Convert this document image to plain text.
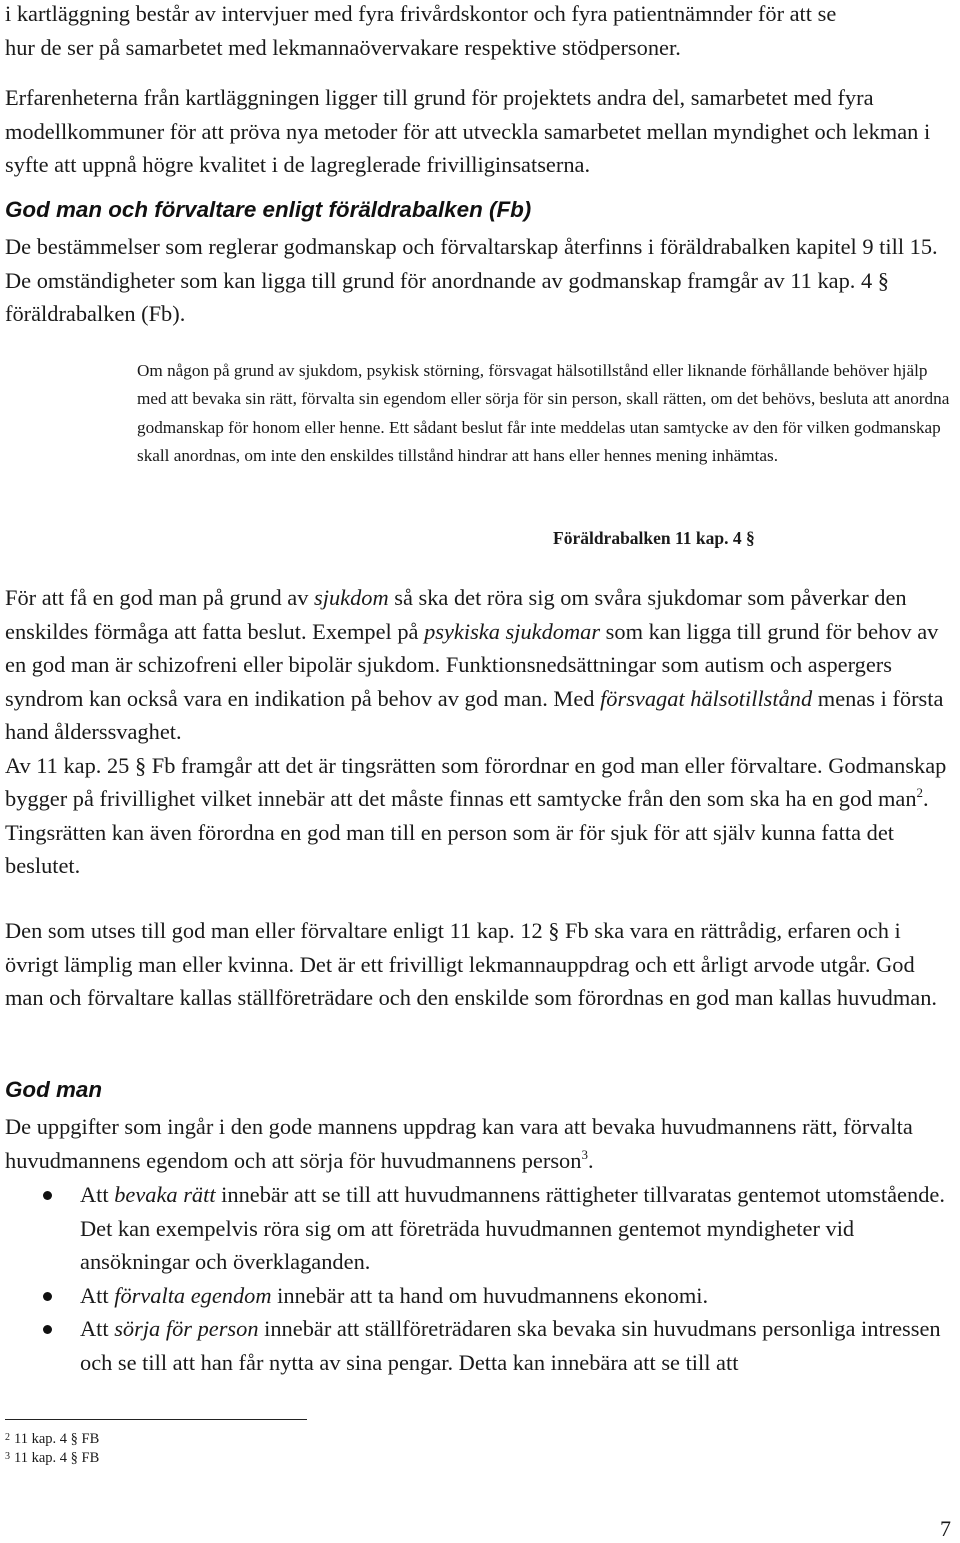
i kartläggning består av intervjuer med fyra frivårdskontor och fyra patientnämnder för att se

hur de ser på samarbetet med lekmannaövervakare respektive stödpersoner.

Erfarenheterna från kartläggningen ligger till grund för projektets andra del, samarbetet med fyra modellkommuner för att pröva nya metoder för att utveckla samarbetet mellan myndighet och lekman i syfte att uppnå högre kvalitet i de lagreglerade frivilliginsatserna.

God man och förvaltare enligt föräldrabalken (Fb)

De bestämmelser som reglerar godmanskap och förvaltarskap återfinns i föräldrabalken kapitel 9 till 15. De omständigheter som kan ligga till grund för anordnande av godmanskap framgår av 11 kap. 4 § föräldrabalken (Fb).

Om någon på grund av sjukdom, psykisk störning, försvagat hälsotillstånd eller liknande förhållande behöver hjälp med att bevaka sin rätt, förvalta sin egendom eller sörja för sin person, skall rätten, om det behövs, besluta att anordna godmanskap för honom eller henne. Ett sådant beslut får inte meddelas utan samtycke av den för vilken godmanskap skall anordnas, om inte den enskildes tillstånd hindrar att hans eller hennes mening inhämtas.

Föräldrabalken 11 kap. 4 §

För att få en god man på grund av sjukdom så ska det röra sig om svåra sjukdomar som påverkar den enskildes förmåga att fatta beslut. Exempel på psykiska sjukdomar som kan ligga till grund för behov av en god man är schizofreni eller bipolär sjukdom. Funktionsnedsättningar som autism och aspergers syndrom kan också vara en indikation på behov av god man. Med försvagat hälsotillstånd menas i första hand ålderssvaghet.

Av 11 kap. 25 § Fb framgår att det är tingsrätten som förordnar en god man eller förvaltare. Godmanskap bygger på frivillighet vilket innebär att det måste finnas ett samtycke från den som ska ha en god man$^2$. Tingsrätten kan även förordna en god man till en person som är för sjuk för att själv kunna fatta det beslutet.

Den som utses till god man eller förvaltare enligt 11 kap. 12 § Fb ska vara en rättrådig, erfaren och i övrigt lämplig man eller kvinna. Det är ett frivilligt lekmannauppdrag och ett årligt arvode utgår. God man och förvaltare kallas ställföreträdare och den enskilde som förordnas en god man kallas huvudman.

God man

De uppgifter som ingår i den gode mannens uppdrag kan vara att bevaka huvudmannens rätt, förvalta huvudmannens egendom och att sörja för huvudmannens person$^3$.

Att bevaka rätt innebär att se till att huvudmannens rättigheter tillvaratas gentemot utomstående. Det kan exempelvis röra sig om att företräda huvudmannen gentemot myndigheter vid ansökningar och överklaganden.
Att förvalta egendom innebär att ta hand om huvudmannens ekonomi.
Att sörja för person innebär att ställföreträdaren ska bevaka sin huvudmans personliga intressen och se till att han får nytta av sina pengar. Detta kan innebära att se till att
$^2$ 11 kap. 4 § FB
$^3$ 11 kap. 4 § FB
7
